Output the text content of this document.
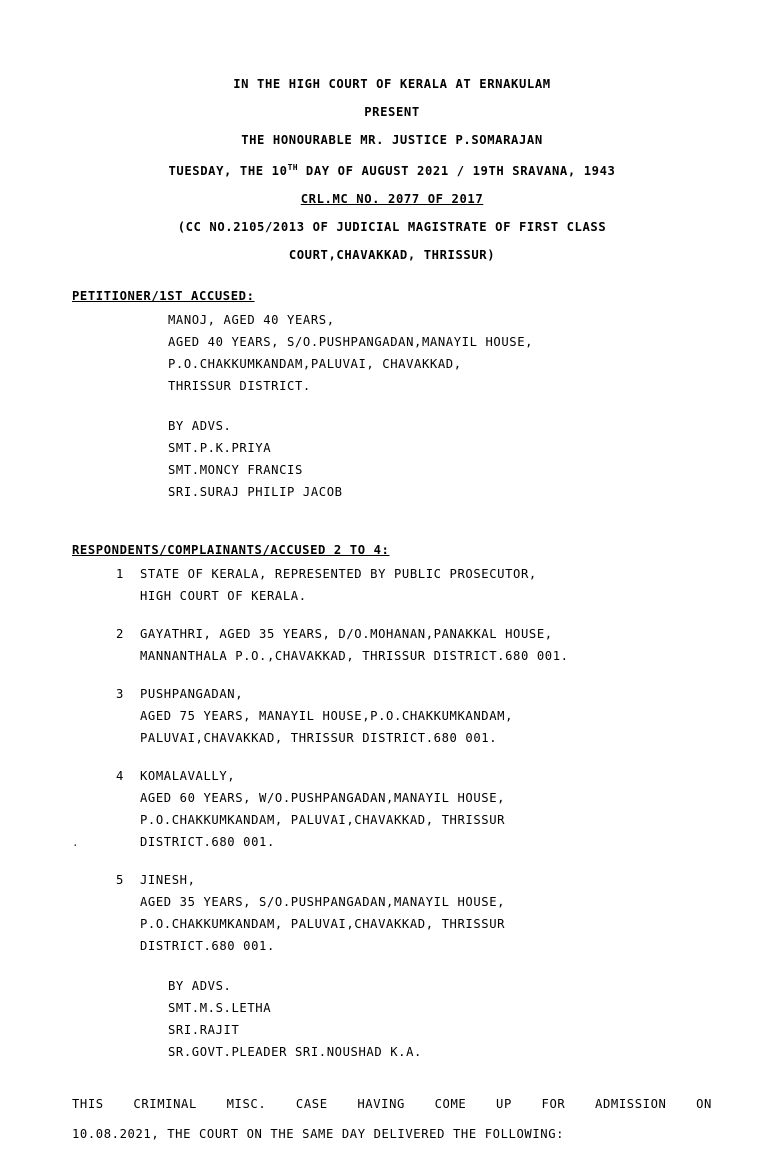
IN THE HIGH COURT OF KERALA AT ERNAKULAM
PRESENT
THE HONOURABLE MR. JUSTICE P.SOMARAJAN
TUESDAY, THE 10TH DAY OF AUGUST 2021 / 19TH SRAVANA, 1943
CRL.MC NO. 2077 OF 2017
(CC NO.2105/2013 OF JUDICIAL MAGISTRATE OF FIRST CLASS
COURT,CHAVAKKAD, THRISSUR)
PETITIONER/1ST ACCUSED:
MANOJ, AGED 40 YEARS,
AGED 40 YEARS, S/O.PUSHPANGADAN,MANAYIL HOUSE,
P.O.CHAKKUMKANDAM,PALUVAI, CHAVAKKAD,
THRISSUR DISTRICT.
BY ADVS.
SMT.P.K.PRIYA
SMT.MONCY FRANCIS
SRI.SURAJ PHILIP JACOB
RESPONDENTS/COMPLAINANTS/ACCUSED 2 TO 4:
1	STATE OF KERALA, REPRESENTED BY PUBLIC PROSECUTOR,
HIGH COURT OF KERALA.
2	GAYATHRI, AGED 35 YEARS, D/O.MOHANAN,PANAKKAL HOUSE,
MANNANTHALA P.O.,CHAVAKKAD, THRISSUR DISTRICT.680 001.
3	PUSHPANGADAN,
AGED 75 YEARS, MANAYIL HOUSE,P.O.CHAKKUMKANDAM,
PALUVAI,CHAVAKKAD, THRISSUR DISTRICT.680 001.
4	KOMALAVALLY,
AGED 60 YEARS, W/O.PUSHPANGADAN,MANAYIL HOUSE,
P.O.CHAKKUMKANDAM, PALUVAI,CHAVAKKAD, THRISSUR
DISTRICT.680 001.
5	JINESH,
AGED 35 YEARS, S/O.PUSHPANGADAN,MANAYIL HOUSE,
P.O.CHAKKUMKANDAM, PALUVAI,CHAVAKKAD, THRISSUR
DISTRICT.680 001.
BY ADVS.
SMT.M.S.LETHA
SRI.RAJIT
SR.GOVT.PLEADER SRI.NOUSHAD K.A.
THIS CRIMINAL MISC. CASE HAVING COME UP FOR ADMISSION ON
10.08.2021, THE COURT ON THE SAME DAY DELIVERED THE FOLLOWING:
.
